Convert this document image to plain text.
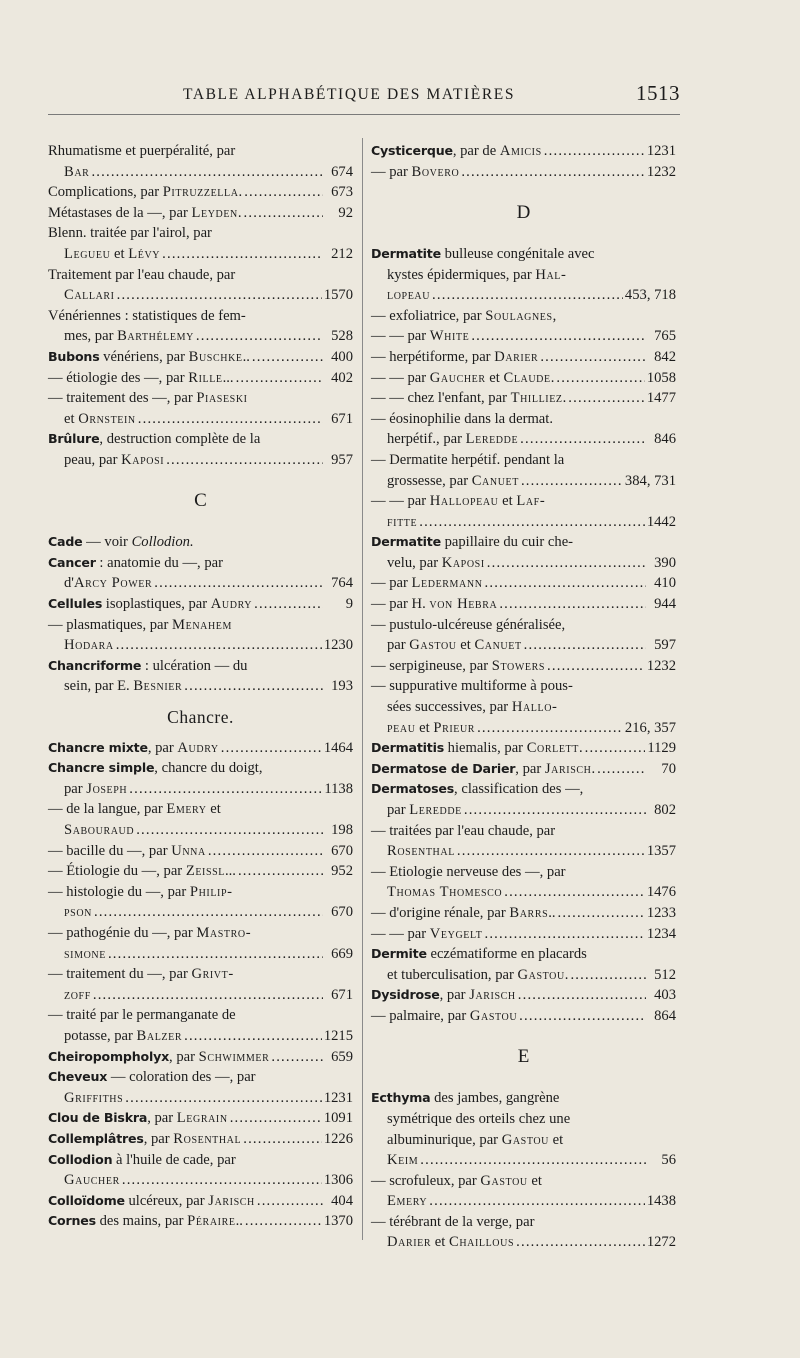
TABLE ALPHABÉTIQUE DES MATIÈRES	1513
Rhumatisme et puerpéralité, par
Bar .....	674
Complications, par Pitruzzella. .....	673
Métastases de la —, par Leyden. .....	92
Blenn. traitée par l'airol, par
Legueu et Lévy .....	212
Traitement par l'eau chaude, par
Callari .....	1570
Vénériennes : statistiques de fem-
mes, par Barthélemy .....	528
Bubons vénériens, par Buschke.. .....	400
— étiologie des —, par Rille... .....	402
— traitement des —, par Piaseski
et Ornstein .....	671
Brûlure, destruction complète de la
peau, par Kaposi .....	957
C
Cade — voir Collodion.
Cancer : anatomie du —, par
d'Arcy Power .....	764
Cellules isoplastiques, par Audry .....	9
— plasmatiques, par Menahem
Hodara .....	1230
Chancriforme : ulcération — du
sein, par E. Besnier .....	193
Chancre.
Chancre mixte, par Audry .....	1464
Chancre simple, chancre du doigt,
par Joseph .....	1138
— de la langue, par Emery et
Sabouraud .....	198
— bacille du —, par Unna .....	670
— Étiologie du —, par Zeissl... .....	952
— histologie du —, par Philip-
pson .....	670
— pathogénie du —, par Mastro-
simone .....	669
— traitement du —, par Grivt-
zoff .....	671
— traité par le permanganate de
potasse, par Balzer .....	1215
Cheiropompholyx, par Schwimmer .....	659
Cheveux — coloration des —, par
Griffiths .....	1231
Clou de Biskra, par Legrain .....	1091
Collemplâtres, par Rosenthal .....	1226
Collodion à l'huile de cade, par
Gaucher .....	1306
Colloïdome ulcéreux, par Jarisch .....	404
Cornes des mains, par Péraire.. .....	1370
Cysticerque, par de Amicis .....	1231
— par Bovero .....	1232
D
Dermatite bulleuse congénitale avec
kystes épidermiques, par Hal-
lopeau .....	453, 718
— exfoliatrice, par Soulagnes,
— — par White .....	765
— herpétiforme, par Darier .....	842
— — par Gaucher et Claude. .....	1058
— — chez l'enfant, par Thilliez. .....	1477
— éosinophilie dans la dermat.
herpétif., par Leredde .....	846
— Dermatite herpétif. pendant la
grossesse, par Canuet .....	384, 731
— — par Hallopeau et Laf-
fitte .....	1442
Dermatite papillaire du cuir che-
velu, par Kaposi .....	390
— par Ledermann .....	410
— par H. von Hebra .....	944
— pustulo-ulcéreuse généralisée,
par Gastou et Canuet .....	597
— serpigineuse, par Stowers .....	1232
— suppurative multiforme à pous-
sées successives, par Hallo-
peau et Prieur .....	216, 357
Dermatitis hiemalis, par Corlett. .....	1129
Dermatose de Darier, par Jarisch. .....	70
Dermatoses, classification des —,
par Leredde .....	802
— traitées par l'eau chaude, par
Rosenthal .....	1357
— Etiologie nerveuse des —, par
Thomas Thomesco .....	1476
— d'origine rénale, par Barrs.. .....	1233
— — par Veygelt .....	1234
Dermite eczématiforme en placards
et tuberculisation, par Gastou. .....	512
Dysidrose, par Jarisch .....	403
— palmaire, par Gastou .....	864
E
Ecthyma des jambes, gangrène
symétrique des orteils chez une
albuminurique, par Gastou et
Keim .....	56
— scrofuleux, par Gastou et
Emery .....	1438
— térébrant de la verge, par
Darier et Chaillous .....	1272
